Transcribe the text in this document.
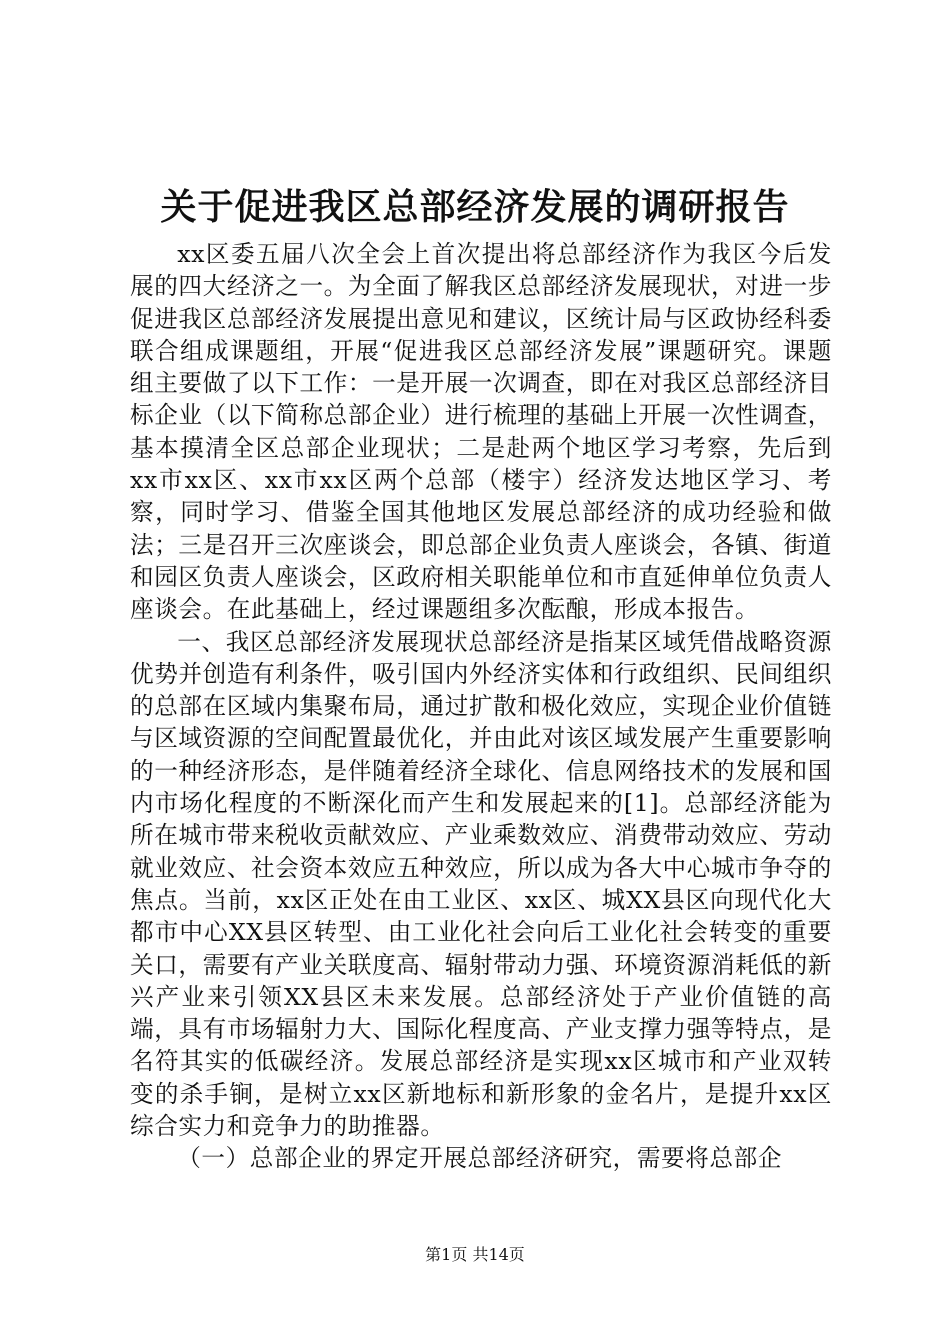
关于促进我区总部经济发展的调研报告

xx区委五届八次全会上首次提出将总部经济作为我区今后发展的四大经济之一。为全面了解我区总部经济发展现状，对进一步促进我区总部经济发展提出意见和建议，区统计局与区政协经科委联合组成课题组，开展“促进我区总部经济发展”课题研究。课题组主要做了以下工作：一是开展一次调查，即在对我区总部经济目标企业（以下简称总部企业）进行梳理的基础上开展一次性调查，基本摸清全区总部企业现状；二是赴两个地区学习考察，先后到xx市xx区、xx市xx区两个总部（楼宇）经济发达地区学习、考察，同时学习、借鉴全国其他地区发展总部经济的成功经验和做法；三是召开三次座谈会，即总部企业负责人座谈会，各镇、街道和园区负责人座谈会，区政府相关职能单位和市直延伸单位负责人座谈会。在此基础上，经过课题组多次酝酿，形成本报告。

一、我区总部经济发展现状总部经济是指某区域凭借战略资源优势并创造有利条件，吸引国内外经济实体和行政组织、民间组织的总部在区域内集聚布局，通过扩散和极化效应，实现企业价值链与区域资源的空间配置最优化，并由此对该区域发展产生重要影响的一种经济形态，是伴随着经济全球化、信息网络技术的发展和国内市场化程度的不断深化而产生和发展起来的[1]。总部经济能为所在城市带来税收贡献效应、产业乘数效应、消费带动效应、劳动就业效应、社会资本效应五种效应，所以成为各大中心城市争夺的焦点。当前，xx区正处在由工业区、xx区、城XX县区向现代化大都市中心XX县区转型、由工业化社会向后工业化社会转变的重要关口，需要有产业关联度高、辐射带动力强、环境资源消耗低的新兴产业来引领XX县区未来发展。总部经济处于产业价值链的高端，具有市场辐射力大、国际化程度高、产业支撑力强等特点，是名符其实的低碳经济。发展总部经济是实现xx区城市和产业双转变的杀手锏，是树立xx区新地标和新形象的金名片，是提升xx区综合实力和竞争力的助推器。

（一）总部企业的界定开展总部经济研究，需要将总部企

第1页 共14页
